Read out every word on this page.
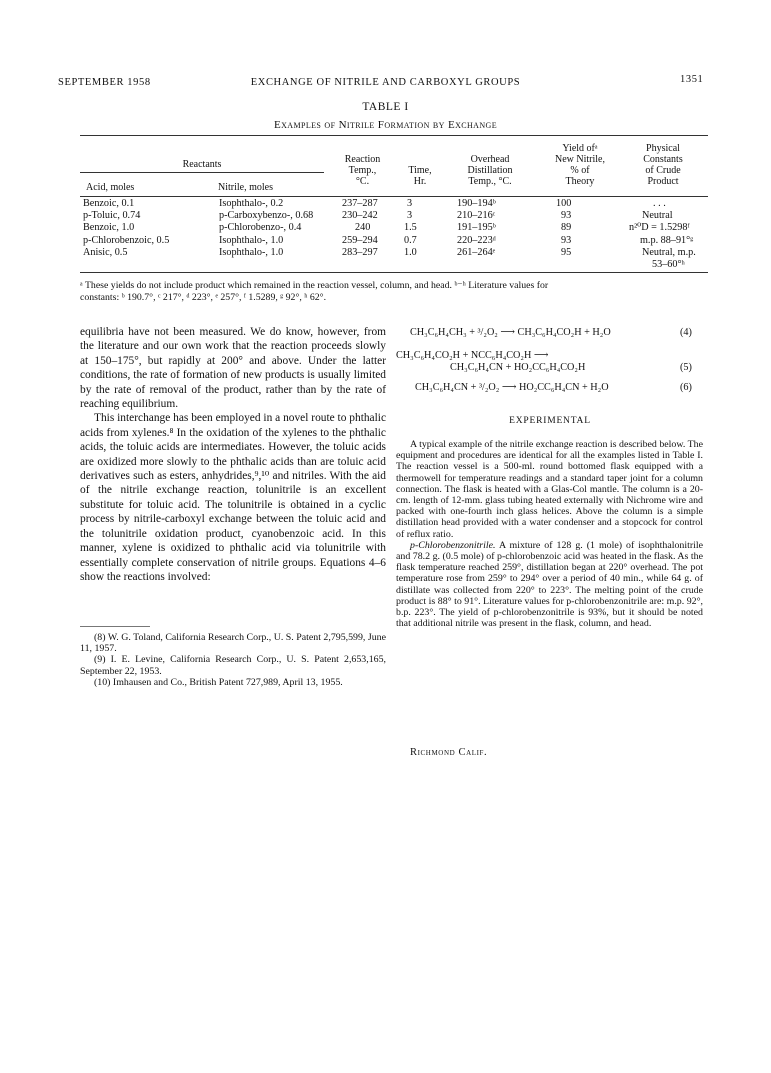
SEPTEMBER 1958	EXCHANGE OF NITRILE AND CARBOXYL GROUPS	1351
TABLE I
Examples of Nitrile Formation by Exchange
Reactants
Acid, moles	Nitrile, moles
Reaction
Temp.,
°C.
Time,
Hr.
Overhead
Distillation
Temp., °C.
Yield ofᵃ
New Nitrile,
% of
Theory
Physical
Constants
of Crude
Product
Benzoic, 0.1	Isophthalo-, 0.2	237–287	3	190–194ᵇ	100	. . .
p-Toluic, 0.74	p-Carboxybenzo-, 0.68	230–242	3	210–216ᶜ	93	Neutral
Benzoic, 1.0	p-Chlorobenzo-, 0.4	240	1.5	191–195ᵇ	89	n²⁰D = 1.5298ᶠ
p-Chlorobenzoic, 0.5	Isophthalo-, 1.0	259–294	0.7	220–223ᵈ	93	m.p. 88–91°ᵍ
Anisic, 0.5	Isophthalo-, 1.0	283–297	1.0	261–264ᵉ	95	Neutral, m.p.
53–60°ʰ
ᵃ These yields do not include product which remained in the reaction vessel, column, and head. ᵇ⁻ʰ Literature values for
constants: ᵇ 190.7°, ᶜ 217°, ᵈ 223°, ᵉ 257°, ᶠ 1.5289, ᵍ 92°, ʰ 62°.

equilibria have not been measured. We do know, however, from the literature and our own work that the reaction proceeds slowly at 150–175°, but rapidly at 200° and above. Under the latter conditions, the rate of formation of new products is usually limited by the rate of removal of the product, rather than by the rate of reaching equilibrium.

This interchange has been employed in a novel route to phthalic acids from xylenes.⁸ In the oxidation of the xylenes to the phthalic acids, the toluic acids are intermediates. However, the toluic acids are oxidized more slowly to the phthalic acids than are toluic acid derivatives such as esters, anhydrides,⁹,¹⁰ and nitriles. With the aid of the nitrile exchange reaction, tolunitrile is an excellent substitute for toluic acid. The tolunitrile is obtained in a cyclic process by nitrile-carboxyl exchange between the toluic acid and the tolunitrile oxidation product, cyanobenzoic acid. In this manner, xylene is oxidized to phthalic acid via tolunitrile with essentially complete conservation of nitrile groups. Equations 4–6 show the reactions involved:

(8) W. G. Toland, California Research Corp., U. S. Patent 2,795,599, June 11, 1957.

(9) I. E. Levine, California Research Corp., U. S. Patent 2,653,165, September 22, 1953.

(10) Imhausen and Co., British Patent 727,989, April 13, 1955.

CH₃C₆H₄CH₃ + ³/₂O₂ ⟶ CH₃C₆H₄CO₂H + H₂O	(4)
CH₃C₆H₄CO₂H + NCC₆H₄CO₂H ⟶
CH₃C₆H₄CN + HO₂CC₆H₄CO₂H	(5)
CH₃C₆H₄CN + ³/₂O₂ ⟶ HO₂CC₆H₄CN + H₂O	(6)
EXPERIMENTAL

A typical example of the nitrile exchange reaction is described below. The equipment and procedures are identical for all the examples listed in Table I. The reaction vessel is a 500-ml. round bottomed flask equipped with a thermowell for temperature readings and a standard taper joint for a column connection. The flask is heated with a Glas-Col mantle. The column is a 20-cm. length of 12-mm. glass tubing heated externally with Nichrome wire and packed with one-fourth inch glass helices. Above the column is a simple distillation head provided with a water condenser and a stopcock for control of reflux ratio.

p-Chlorobenzonitrile. A mixture of 128 g. (1 mole) of isophthalonitrile and 78.2 g. (0.5 mole) of p-chlorobenzoic acid was heated in the flask. As the flask temperature reached 259°, distillation began at 220° overhead. The pot temperature rose from 259° to 294° over a period of 40 min., while 64 g. of distillate was collected from 220° to 223°. The melting point of the crude product is 88° to 91°. Literature values for p-chlorobenzonitrile are: m.p. 92°, b.p. 223°. The yield of p-chlorobenzonitrile is 93%, but it should be noted that additional nitrile was present in the flask, column, and head.

Richmond Calif.
